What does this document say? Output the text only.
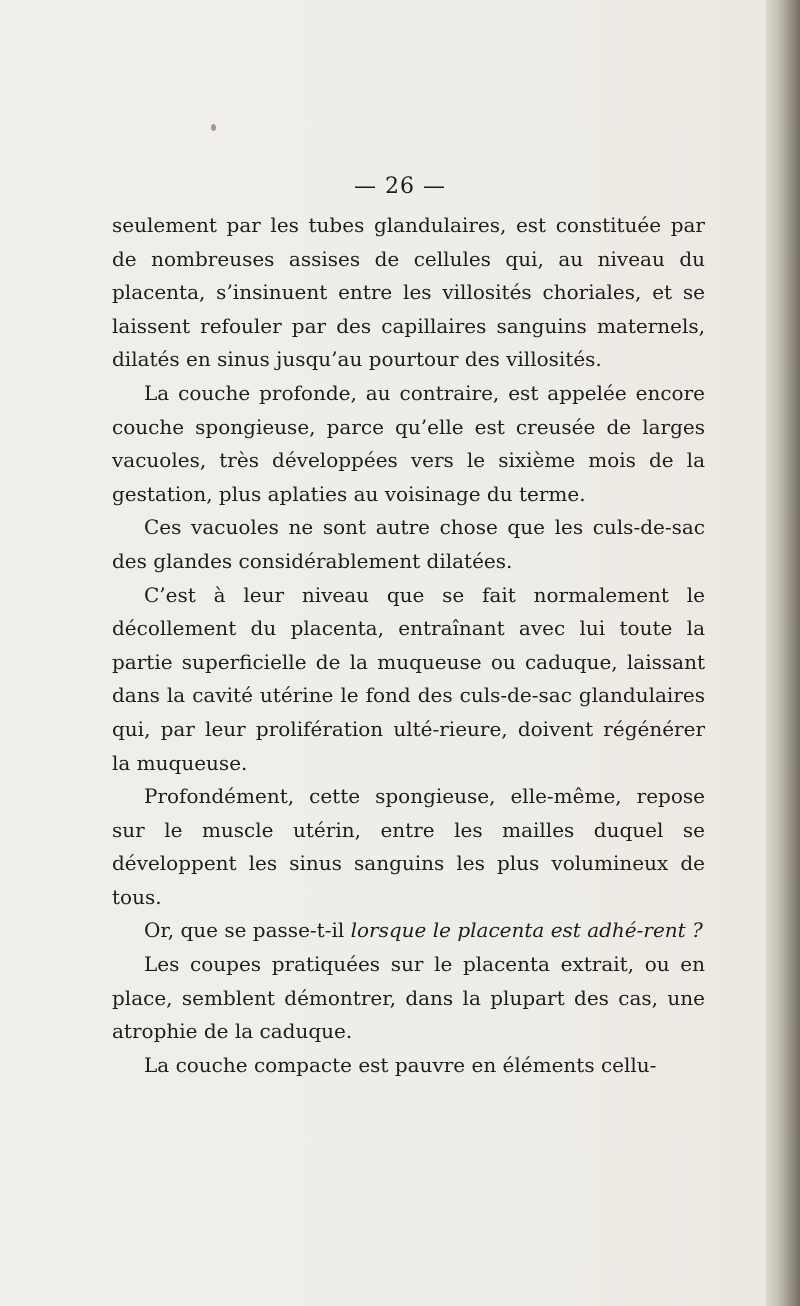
— 26 —

seulement par les tubes glandulaires, est constituée par de nombreuses assises de cellules qui, au niveau du placenta, s’insinuent entre les villosités choriales, et se laissent refouler par des capillaires sanguins maternels, dilatés en sinus jusqu’au pourtour des villosités.

La couche profonde, au contraire, est appelée encore couche spongieuse, parce qu’elle est creusée de larges vacuoles, très développées vers le sixième mois de la gestation, plus aplaties au voisinage du terme.

Ces vacuoles ne sont autre chose que les culs-de-sac des glandes considérablement dilatées.

C’est à leur niveau que se fait normalement le décollement du placenta, entraînant avec lui toute la partie superficielle de la muqueuse ou caduque, laissant dans la cavité utérine le fond des culs-de-sac glandulaires qui, par leur prolifération ulté-rieure, doivent régénérer la muqueuse.

Profondément, cette spongieuse, elle-même, repose sur le muscle utérin, entre les mailles duquel se développent les sinus sanguins les plus volumineux de tous.

Or, que se passe-t-il lorsque le placenta est adhé-rent ?

Les coupes pratiquées sur le placenta extrait, ou en place, semblent démontrer, dans la plupart des cas, une atrophie de la caduque.

La couche compacte est pauvre en éléments cellu-
